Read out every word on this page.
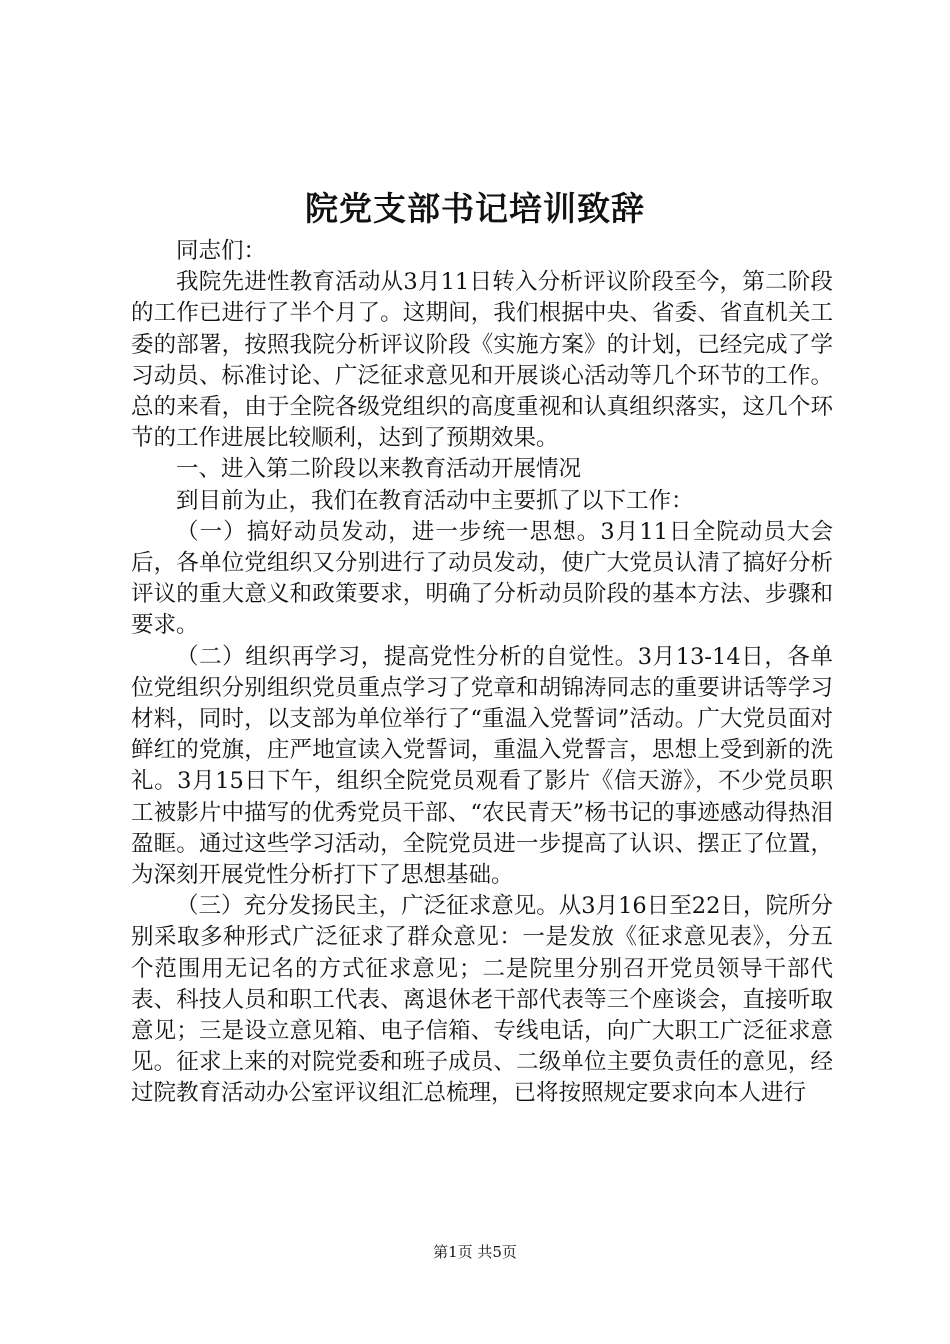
院党支部书记培训致辞

同志们：

我院先进性教育活动从3月11日转入分析评议阶段至今，第二阶段的工作已进行了半个月了。这期间，我们根据中央、省委、省直机关工委的部署，按照我院分析评议阶段《实施方案》的计划，已经完成了学习动员、标准讨论、广泛征求意见和开展谈心活动等几个环节的工作。总的来看，由于全院各级党组织的高度重视和认真组织落实，这几个环节的工作进展比较顺利，达到了预期效果。

一、进入第二阶段以来教育活动开展情况

到目前为止，我们在教育活动中主要抓了以下工作：

（一）搞好动员发动，进一步统一思想。3月11日全院动员大会后，各单位党组织又分别进行了动员发动，使广大党员认清了搞好分析评议的重大意义和政策要求，明确了分析动员阶段的基本方法、步骤和要求。

（二）组织再学习，提高党性分析的自觉性。3月13-14日，各单位党组织分别组织党员重点学习了党章和胡锦涛同志的重要讲话等学习材料，同时，以支部为单位举行了“重温入党誓词”活动。广大党员面对鲜红的党旗，庄严地宣读入党誓词，重温入党誓言，思想上受到新的洗礼。3月15日下午，组织全院党员观看了影片《信天游》，不少党员职工被影片中描写的优秀党员干部、“农民青天”杨书记的事迹感动得热泪盈眶。通过这些学习活动，全院党员进一步提高了认识、摆正了位置，为深刻开展党性分析打下了思想基础。

（三）充分发扬民主，广泛征求意见。从3月16日至22日，院所分别采取多种形式广泛征求了群众意见：一是发放《征求意见表》，分五个范围用无记名的方式征求意见；二是院里分别召开党员领导干部代表、科技人员和职工代表、离退休老干部代表等三个座谈会，直接听取意见；三是设立意见箱、电子信箱、专线电话，向广大职工广泛征求意见。征求上来的对院党委和班子成员、二级单位主要负责任的意见，经过院教育活动办公室评议组汇总梳理，已将按照规定要求向本人进行

第1页 共5页
